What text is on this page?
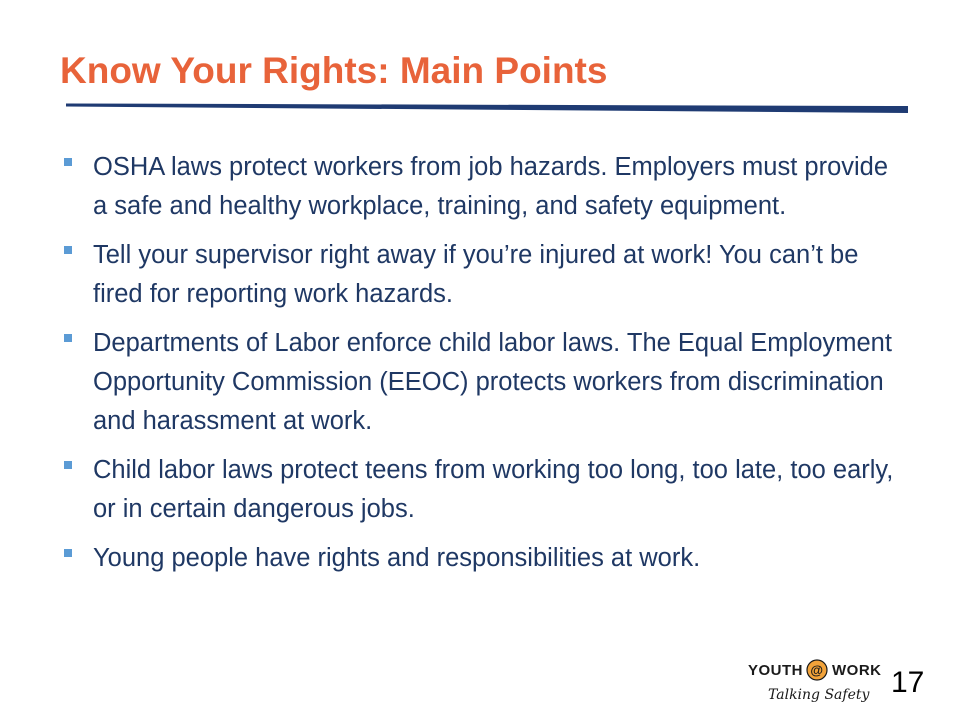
Know Your Rights: Main Points
OSHA laws protect workers from job hazards. Employers must provide a safe and healthy workplace, training, and safety equipment.
Tell your supervisor right away if you’re injured at work! You can’t be fired for reporting work hazards.
Departments of Labor enforce child labor laws. The Equal Employment Opportunity Commission (EEOC) protects workers from discrimination and harassment at work.
Child labor laws protect teens from working too long, too late, too early, or in certain dangerous jobs.
Young people have rights and responsibilities at work.
YOUTH @ WORK
Talking Safety 17
